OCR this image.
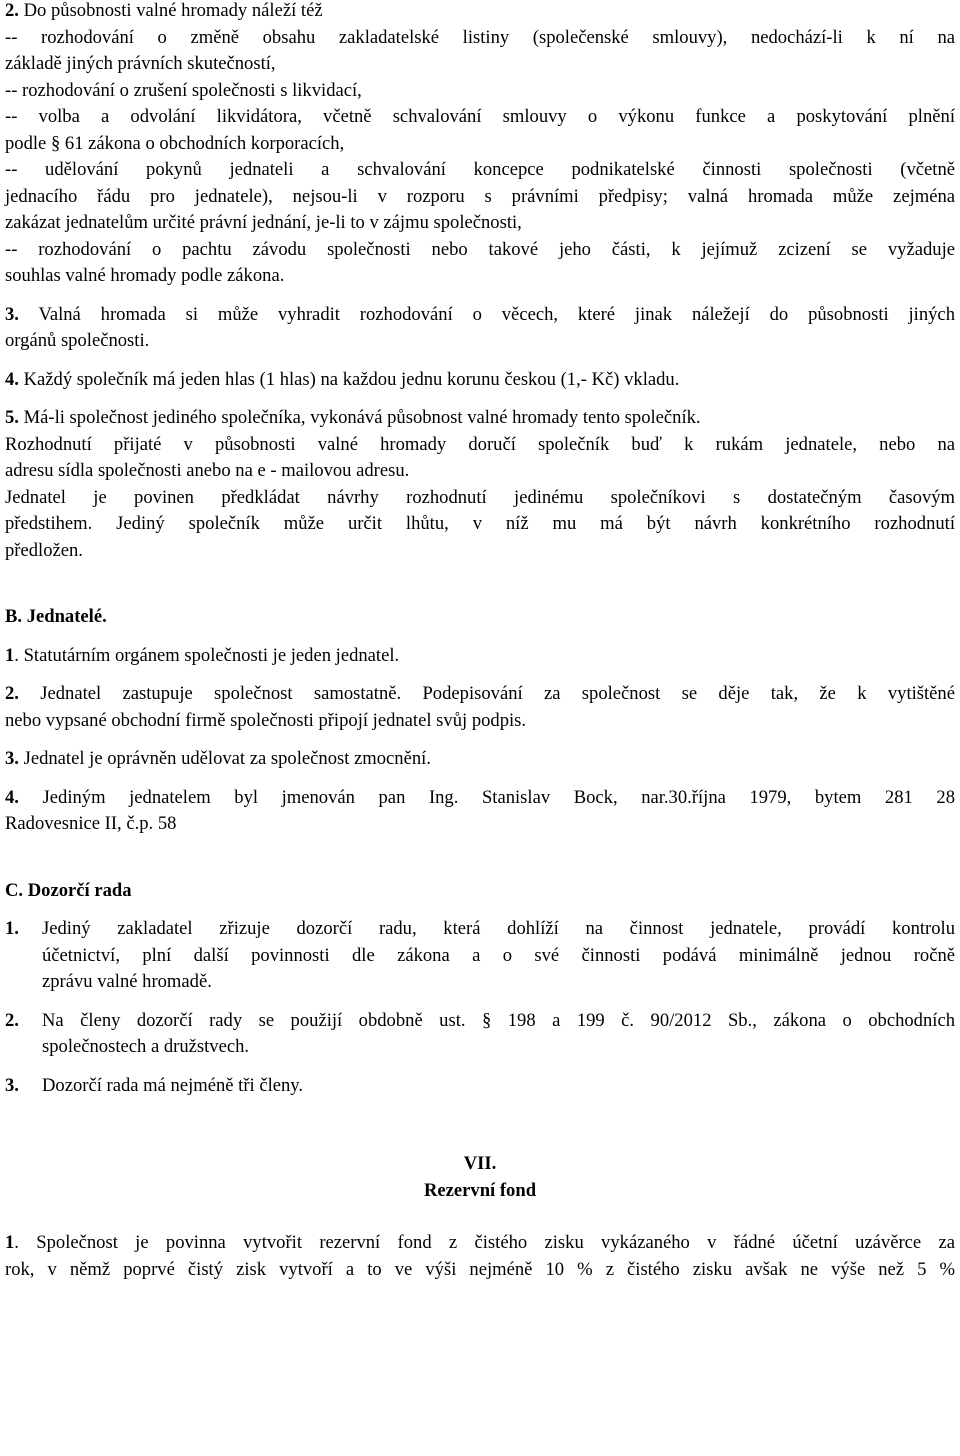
2. Do působnosti valné hromady náleží též
-- rozhodování o změně obsahu zakladatelské listiny (společenské smlouvy), nedochází-li k ní na
základě jiných právních skutečností,
-- rozhodování o zrušení společnosti s likvidací,
-- volba a odvolání likvidátora, včetně schvalování smlouvy o výkonu funkce a poskytování plnění
podle § 61 zákona o obchodních korporacích,
-- udělování pokynů jednateli a schvalování koncepce podnikatelské činnosti společnosti (včetně
jednacího řádu pro jednatele), nejsou-li v rozporu s právními předpisy; valná hromada může zejména
zakázat jednatelům určité právní jednání, je-li to v zájmu společnosti,
-- rozhodování o pachtu závodu společnosti nebo takové jeho části, k jejímuž zcizení se vyžaduje
souhlas valné hromady podle zákona.
3. Valná hromada si může vyhradit rozhodování o věcech, které jinak náležejí do působnosti jiných
orgánů společnosti.
4. Každý společník má jeden hlas (1 hlas) na každou jednu korunu českou (1,- Kč) vkladu.
5. Má-li společnost jediného společníka, vykonává působnost valné hromady tento společník.
Rozhodnutí přijaté v působnosti valné hromady doručí společník buď k rukám jednatele, nebo na
adresu sídla společnosti anebo na e - mailovou adresu.
Jednatel je povinen předkládat návrhy rozhodnutí jedinému společníkovi s dostatečným časovým
předstihem. Jediný společník může určit lhůtu, v níž mu má být návrh konkrétního rozhodnutí
předložen.

B. Jednatelé.

1. Statutárním orgánem společnosti je jeden jednatel.
2. Jednatel zastupuje společnost samostatně. Podepisování za společnost se děje tak, že k vytištěné
nebo vypsané obchodní firmě společnosti připojí jednatel svůj podpis.
3. Jednatel je oprávněn udělovat za společnost zmocnění.
4. Jediným jednatelem byl jmenován pan Ing. Stanislav Bock, nar.30.října 1979, bytem 281 28
Radovesnice II, č.p. 58

C. Dozorčí rada

1.	Jediný zakladatel zřizuje dozorčí radu, která dohlíží na činnost jednatele, provádí kontrolu
účetnictví, plní další povinnosti dle zákona a o své činnosti podává minimálně jednou ročně
zprávu valné hromadě.
2.	Na členy dozorčí rady se použijí obdobně ust. § 198 a 199 č. 90/2012 Sb., zákona o obchodních
společnostech a družstvech.
3.	Dozorčí rada má nejméně tři členy.
VII.
Rezervní fond
1. Společnost je povinna vytvořit rezervní fond z čistého zisku vykázaného v řádné účetní uzávěrce za
rok, v němž poprvé čistý zisk vytvoří a to ve výši nejméně 10 % z čistého zisku avšak ne výše než 5 %
